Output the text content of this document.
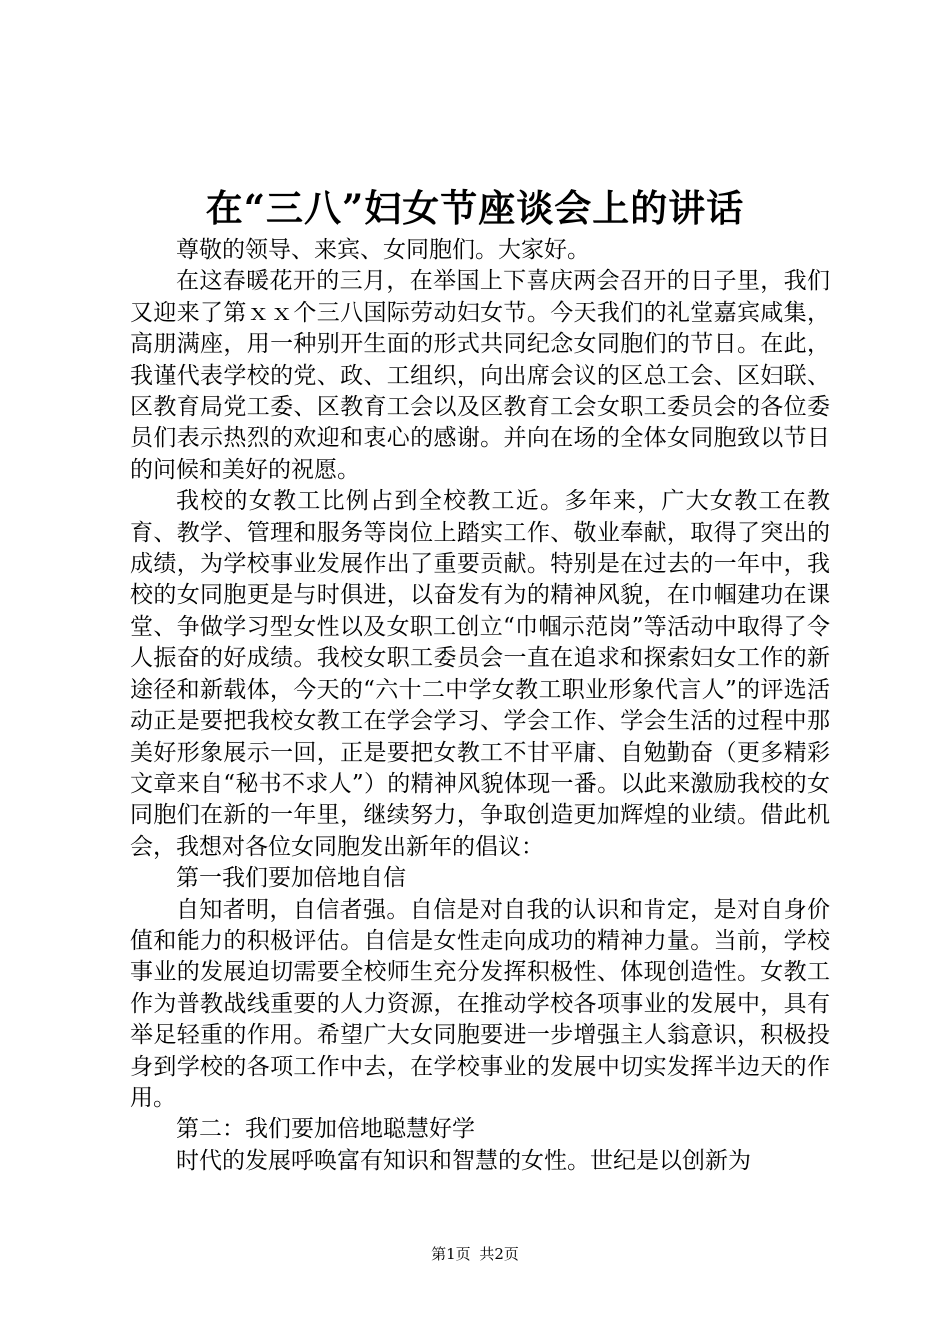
在“三八”妇女节座谈会上的讲话

尊敬的领导、来宾、女同胞们。大家好。

在这春暖花开的三月，在举国上下喜庆两会召开的日子里，我们又迎来了第ｘｘ个三八国际劳动妇女节。今天我们的礼堂嘉宾咸集，高朋满座，用一种别开生面的形式共同纪念女同胞们的节日。在此，我谨代表学校的党、政、工组织，向出席会议的区总工会、区妇联、区教育局党工委、区教育工会以及区教育工会女职工委员会的各位委员们表示热烈的欢迎和衷心的感谢。并向在场的全体女同胞致以节日的问候和美好的祝愿。

我校的女教工比例占到全校教工近。多年来，广大女教工在教育、教学、管理和服务等岗位上踏实工作、敬业奉献，取得了突出的成绩，为学校事业发展作出了重要贡献。特别是在过去的一年中，我校的女同胞更是与时俱进，以奋发有为的精神风貌，在巾帼建功在课堂、争做学习型女性以及女职工创立“巾帼示范岗”等活动中取得了令人振奋的好成绩。我校女职工委员会一直在追求和探索妇女工作的新途径和新载体，今天的“六十二中学女教工职业形象代言人”的评选活动正是要把我校女教工在学会学习、学会工作、学会生活的过程中那美好形象展示一回，正是要把女教工不甘平庸、自勉勤奋（更多精彩文章来自“秘书不求人”）的精神风貌体现一番。以此来激励我校的女同胞们在新的一年里，继续努力，争取创造更加辉煌的业绩。借此机会，我想对各位女同胞发出新年的倡议：

第一我们要加倍地自信

自知者明，自信者强。自信是对自我的认识和肯定，是对自身价值和能力的积极评估。自信是女性走向成功的精神力量。当前，学校事业的发展迫切需要全校师生充分发挥积极性、体现创造性。女教工作为普教战线重要的人力资源，在推动学校各项事业的发展中，具有举足轻重的作用。希望广大女同胞要进一步增强主人翁意识，积极投身到学校的各项工作中去，在学校事业的发展中切实发挥半边天的作用。

第二：我们要加倍地聪慧好学

时代的发展呼唤富有知识和智慧的女性。世纪是以创新为

第1页 共2页
